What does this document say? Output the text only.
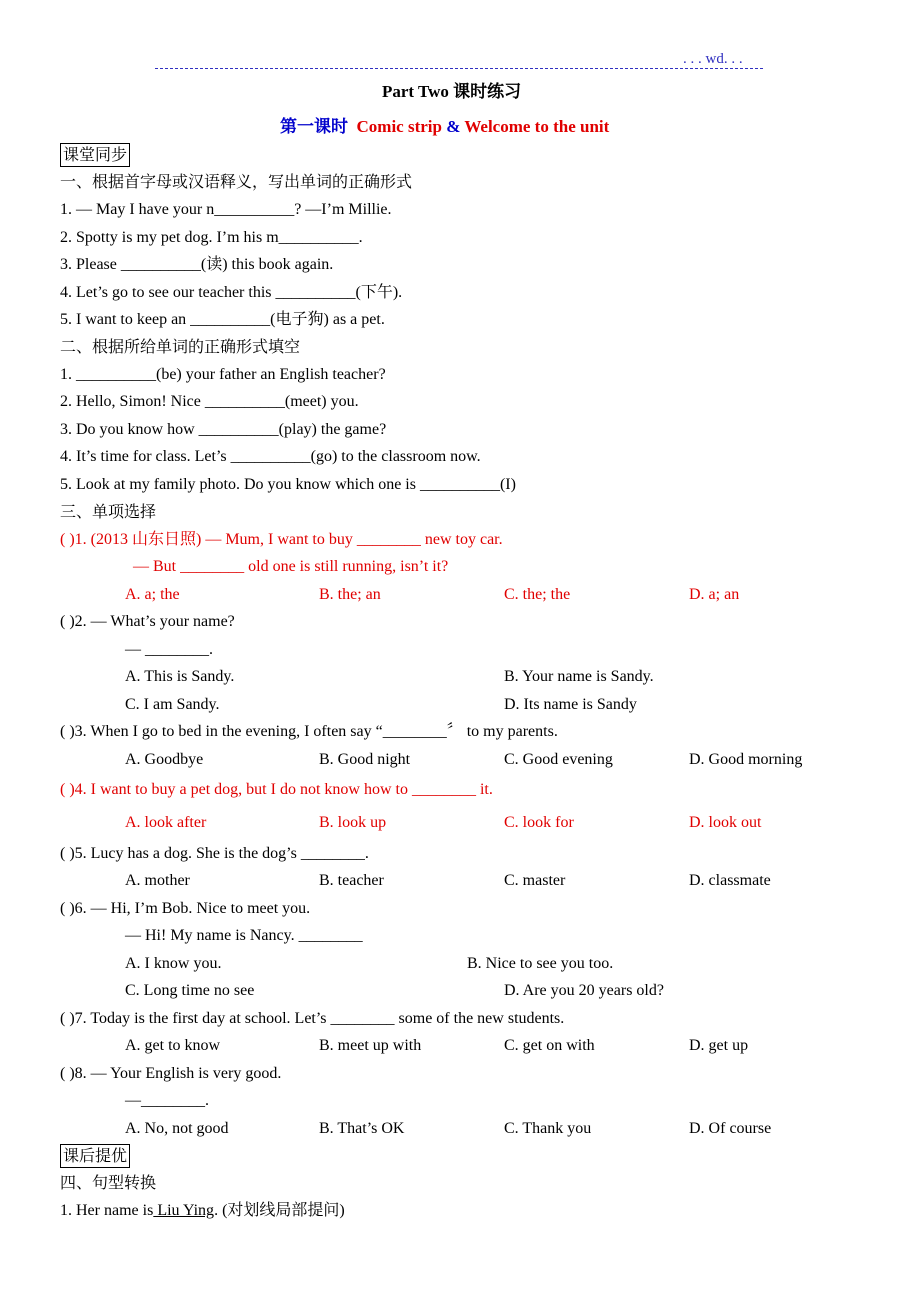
. . . wd. . .
Part Two 课时练习
第一课时 Comic strip & Welcome to the unit
课堂同步
一、根据首字母或汉语释义，写出单词的正确形式
1. — May I have your n__________? —I’m Millie.
2. Spotty is my pet dog. I’m his m__________.
3. Please __________(读) this book again.
4. Let’s go to see our teacher this __________(下午).
5. I want to keep an __________(电子狗) as a pet.
二、根据所给单词的正确形式填空
1. __________(be) your father an English teacher?
2. Hello, Simon! Nice __________(meet) you.
3. Do you know how __________(play) the game?
4. It’s time for class. Let’s __________(go) to the classroom now.
5. Look at my family photo. Do you know which one is __________(I)
三、单项选择
( )1. (2013 山东日照) — Mum, I want to buy ________ new toy car.
— But ________ old one is still running, isn’t it?
A. a; the	B. the; an	C. the; the	D. a; an
( )2. — What’s your name?
— ________.
A. This is Sandy.	B. Your name is Sandy.
C. I am Sandy.	D. Its name is Sandy
( )3. When I go to bed in the evening, I often say “________〞 to my parents.
A. Goodbye	B. Good night	C. Good evening	D. Good morning
( )4. I want to buy a pet dog, but I do not know how to ________ it.
A. look after	B. look up	C. look for	D. look out
( )5. Lucy has a dog. She is the dog’s ________.
A. mother	B. teacher	C. master	D. classmate
( )6. — Hi, I’m Bob. Nice to meet you.
— Hi! My name is Nancy. ________
A. I know you.	B. Nice to see you too.
C. Long time no see	D. Are you 20 years old?
( )7. Today is the first day at school. Let’s ________ some of the new students.
A. get to know	B. meet up with	C. get on with	D. get up
( )8. — Your English is very good.
—________.
A. No, not good	B. That’s OK	C. Thank you	D. Of course
课后提优
四、句型转换
1. Her name is Liu Ying. (对划线局部提问)
